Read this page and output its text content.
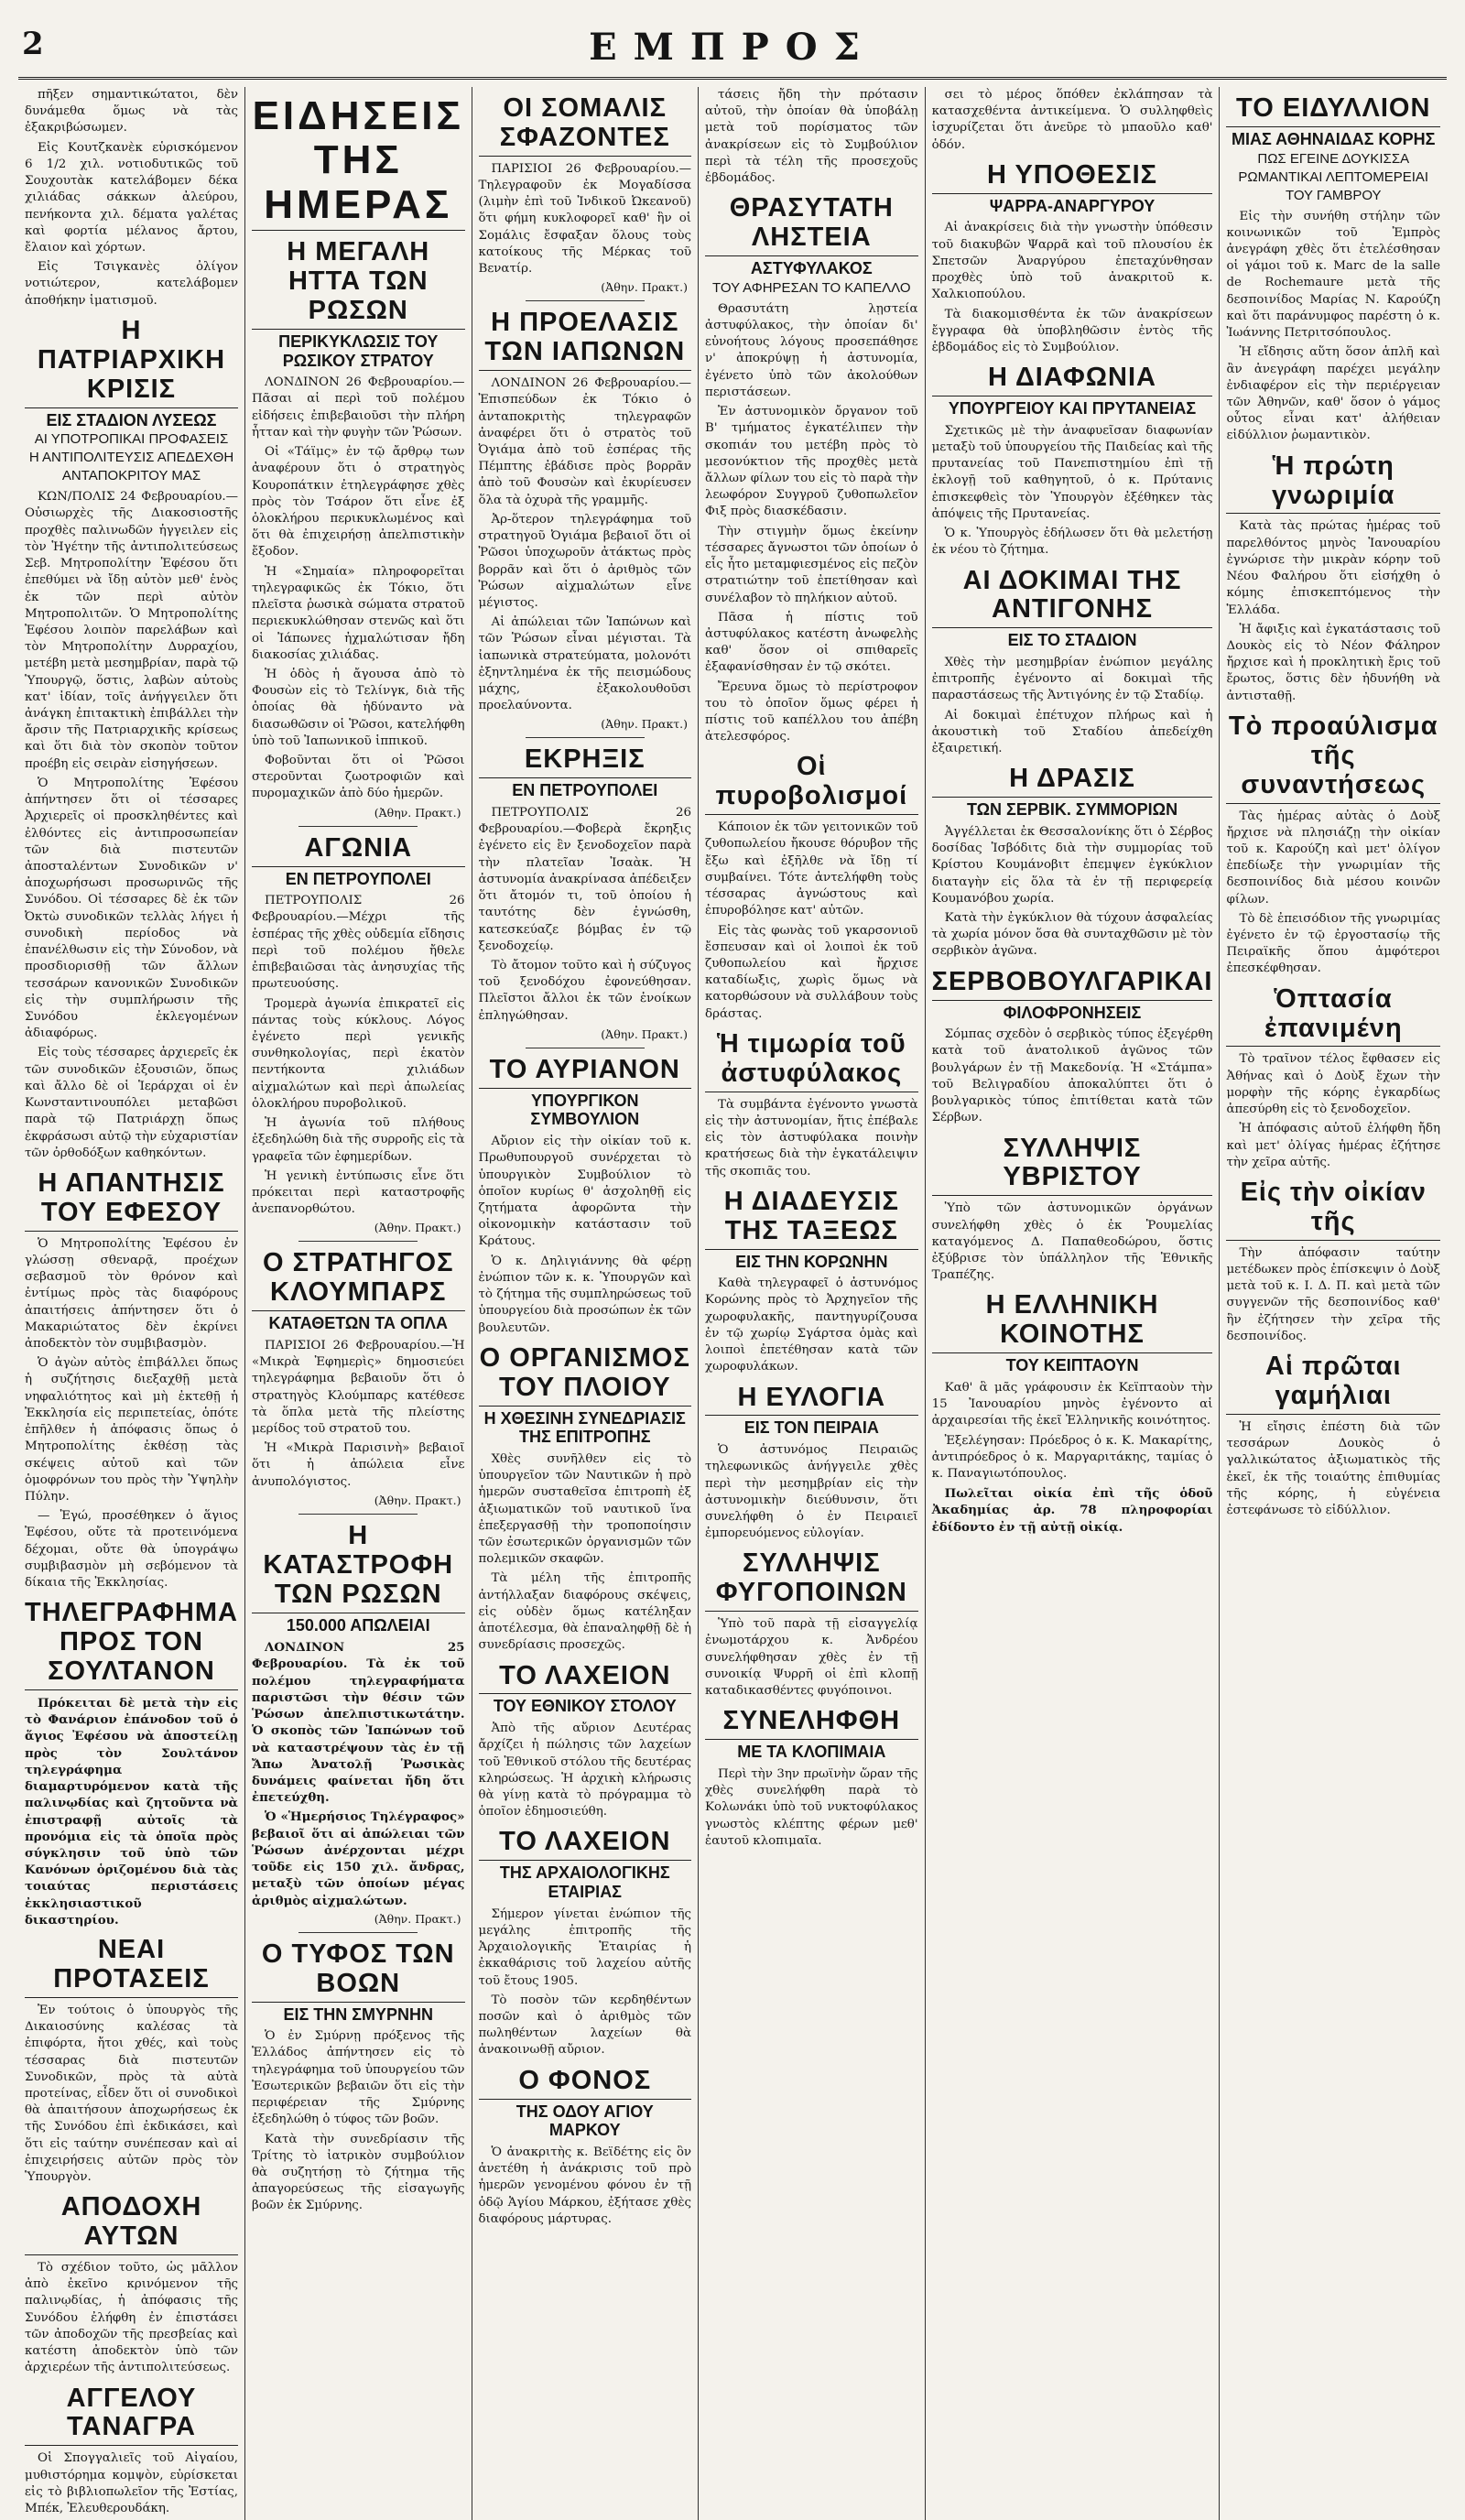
2	ΕΜΠΡΟΣ

πῆξεν σημαντικώτατοι, δὲν δυνάμεθα ὅμως νὰ τὰς ἐξακριβώσωμεν.

Εἰς Κουτζκανὲκ εὑρισκόμενον 6 1/2 χιλ. νοτιοδυτικῶς τοῦ Σουχουτὰκ κατελάβομεν δέκα χιλιάδας σάκκων ἀλεύρου, πενήκοντα χιλ. δέματα γαλέτας καὶ φορτία μέλανος ἄρτου, ἔλαιον καὶ χόρτων.

Εἰς Τσιγκανὲς ὀλίγον νοτιώτερον, κατελάβομεν ἀποθήκην ἱματισμοῦ.

Η ΠΑΤΡΙΑΡΧΙΚΗ ΚΡΙΣΙΣ
ΕΙΣ ΣΤΑΔΙΟΝ ΛΥΣΕΩΣ
ΑΙ ΥΠΟΤΡΟΠΙΚΑΙ ΠΡΟΦΑΣΕΙΣ
Η ΑΝΤΙΠΟΛΙΤΕΥΣΙΣ ΑΠΕΔΕΧΘΗ
ΑΝΤΑΠΟΚΡΙΤΟΥ ΜΑΣ

ΚΩΝ/ΠΟΛΙΣ 24 Φεβρουαρίου.—Οὐσιωρχὲς τῆς Διακοσιοστῆς προχθὲς παλινωδῶν ἡγγειλεν εἰς τὸν Ἡγέτην τῆς ἀντιπολιτεύσεως Σεβ. Μητροπολίτην Ἐφέσου ὅτι ἐπεθύμει νὰ ἴδῃ αὐτὸν μεθ' ἑνὸς ἐκ τῶν περὶ αὐτὸν Μητροπολιτῶν. Ὁ Μητροπολίτης Ἐφέσου λοιπὸν παρελάβων καὶ τὸν Μητροπολίτην Δυρραχίου, μετέβη μετὰ μεσημβρίαν, παρὰ τῷ Ὑπουργῷ, ὅστις, λαβὼν αὐτοὺς κατ' ἰδίαν, τοῖς ἀνήγγειλεν ὅτι ἀνάγκη ἐπιτακτικὴ ἐπιβάλλει τὴν ἄρσιν τῆς Πατριαρχικῆς κρίσεως καὶ ὅτι διὰ τὸν σκοπὸν τοῦτον προέβη εἰς σειρὰν εἰσηγήσεων.

Ὁ Μητροπολίτης Ἐφέσου ἀπήντησεν ὅτι οἱ τέσσαρες Ἀρχιερεῖς οἱ προσκληθέντες καὶ ἐλθόντες εἰς ἀντιπροσωπείαν τῶν διὰ πιστευτῶν ἀποσταλέντων Συνοδικῶν ν' ἀποχωρήσωσι προσωρινῶς τῆς Συνόδου. Οἱ τέσσαρες δὲ ἐκ τῶν Ὀκτὼ συνοδικῶν τελλὰς λήγει ἡ συνοδικὴ περίοδος νὰ ἐπανέλθωσιν εἰς τὴν Σύνοδον, νὰ προσδιορισθῇ τῶν ἄλλων τεσσάρων κανονικῶν Συνοδικῶν εἰς τὴν συμπλήρωσιν τῆς Συνόδου ἐκλεγομένων ἀδιαφόρως.

Εἰς τοὺς τέσσαρες ἀρχιερεῖς ἐκ τῶν συνοδικῶν ἐξουσιῶν, ὅπως καὶ ἄλλο δὲ οἱ Ἱεράρχαι οἱ ἐν Κωνσταντινουπόλει μεταβῶσι παρὰ τῷ Πατριάρχῃ ὅπως ἐκφράσωσι αὐτῷ τὴν εὐχαριστίαν τῶν ὀρθοδόξων καθηκόντων.

Η ΑΠΑΝΤΗΣΙΣ ΤΟΥ ΕΦΕΣΟΥ

Ὁ Μητροπολίτης Ἐφέσου ἐν γλώσσῃ σθεναρᾷ, προέχων σεβασμοῦ τὸν θρόνον καὶ ἐντίμως πρὸς τὰς διαφόρους ἀπαιτήσεις ἀπήντησεν ὅτι ὁ Μακαριώτατος δὲν ἐκρίνει ἀποδεκτὸν τὸν συμβιβασμὸν.

Ὁ ἀγὼν αὐτὸς ἐπιβάλλει ὅπως ἡ συζήτησις διεξαχθῇ μετὰ νηφαλιότητος καὶ μὴ ἐκτεθῇ ἡ Ἐκκλησία εἰς περιπετείας, ὁπότε ἐπῆλθεν ἡ ἀπόφασις ὅπως ὁ Μητροπολίτης ἐκθέσῃ τὰς σκέψεις αὐτοῦ καὶ τῶν ὁμοφρόνων του πρὸς τὴν Ὑψηλὴν Πύλην.

— Ἐγώ, προσέθηκεν ὁ ἅγιος Ἐφέσου, οὔτε τὰ προτεινόμενα δέχομαι, οὔτε θὰ ὑπογράψω συμβιβασμὸν μὴ σεβόμενον τὰ δίκαια τῆς Ἐκκλησίας.

ΤΗΛΕΓΡΑΦΗΜΑ ΠΡΟΣ ΤΟΝ ΣΟΥΛΤΑΝΟΝ

Πρόκειται δὲ μετὰ τὴν εἰς τὸ Φανάριον ἐπάνοδον τοῦ ὁ ἅγιος Ἐφέσου νὰ ἀποστείλῃ πρὸς τὸν Σουλτάνον τηλεγράφημα διαμαρτυρόμενον κατὰ τῆς παλινῳδίας καὶ ζητοῦντα νὰ ἐπιστραφῇ αὐτοῖς τὰ προνόμια εἰς τὰ ὁποῖα πρὸς σύγκλησιν τοῦ ὑπὸ τῶν Κανόνων ὁριζομένου διὰ τὰς τοιαύτας περιστάσεις ἐκκλησιαστικοῦ δικαστηρίου.

ΝΕΑΙ ΠΡΟΤΑΣΕΙΣ

Ἐν τούτοις ὁ ὑπουργὸς τῆς Δικαιοσύνης καλέσας τὰ ἐπιφόρτα, ἤτοι χθές, καὶ τοὺς τέσσαρας διὰ πιστευτῶν Συνοδικῶν, πρὸς τὰ αὐτὰ προτείνας, εἶδεν ὅτι οἱ συνοδικοὶ θὰ ἀπαιτήσουν ἀποχωρήσεως ἐκ τῆς Συνόδου ἐπὶ ἐκδικάσει, καὶ ὅτι εἰς ταύτην συνέπεσαν καὶ αἱ ἐπιχειρήσεις αὐτῶν πρὸς τὸν Ὑπουργὸν.

ΑΠΟΔΟΧΗ ΑΥΤΩΝ

Τὸ σχέδιον τοῦτο, ὡς μᾶλλον ἀπὸ ἐκεῖνο κρινόμενον τῆς παλινῳδίας, ἡ ἀπόφασις τῆς Συνόδου ἐλήφθη ἐν ἐπιστάσει τῶν ἀποδοχῶν τῆς πρεσβείας καὶ κατέστη ἀποδεκτὸν ὑπὸ τῶν ἀρχιερέων τῆς ἀντιπολιτεύσεως.

ΑΓΓΕΛΟΥ ΤΑΝΑΓΡΑ

Οἱ Σπογγαλιεῖς τοῦ Αἰγαίου, μυθιστόρημα κομψὸν, εὑρίσκεται εἰς τὸ βιβλιοπωλεῖον τῆς Ἑστίας, Μπέκ, Ἐλευθερουδάκη.

ΕΙΔΗΣΕΙΣ ΤΗΣ ΗΜΕΡΑΣ
Η ΜΕΓΑΛΗ ΗΤΤΑ ΤΩΝ ΡΩΣΩΝ
ΠΕΡΙΚΥΚΛΩΣΙΣ ΤΟΥ ΡΩΣΙΚΟΥ ΣΤΡΑΤΟΥ

ΛΟΝΔΙΝΟΝ 26 Φεβρουαρίου.—Πᾶσαι αἱ περὶ τοῦ πολέμου εἰδήσεις ἐπιβεβαιοῦσι τὴν πλήρη ἧτταν καὶ τὴν φυγὴν τῶν Ῥώσων.

Οἱ «Τάϊμς» ἐν τῷ ἄρθρῳ των ἀναφέρουν ὅτι ὁ στρατηγὸς Κουροπάτκιν ἐτηλεγράφησε χθὲς πρὸς τὸν Τσάρον ὅτι εἶνε ἐξ ὁλοκλήρου περικυκλωμένος καὶ ὅτι θὰ ἐπιχειρήσῃ ἀπελπιστικὴν ἔξοδον.

Ἡ «Σημαία» πληροφορεῖται τηλεγραφικῶς ἐκ Τόκιο, ὅτι πλεῖστα ῥωσικὰ σώματα στρατοῦ περιεκυκλώθησαν στενῶς καὶ ὅτι οἱ Ἰάπωνες ἠχμαλώτισαν ἤδη διακοσίας χιλιάδας.

Ἡ ὁδὸς ἡ ἄγουσα ἀπὸ τὸ Φουσὼν εἰς τὸ Τελίνγκ, διὰ τῆς ὁποίας θὰ ἠδύναντο νὰ διασωθῶσιν οἱ Ῥῶσοι, κατελήφθη ὑπὸ τοῦ Ἰαπωνικοῦ ἱππικοῦ.

Φοβοῦνται ὅτι οἱ Ῥῶσοι στεροῦνται ζωοτροφιῶν καὶ πυρομαχικῶν ἀπὸ δύο ἡμερῶν.

(Ἀθην. Πρακτ.)
ΑΓΩΝΙΑ
ΕΝ ΠΕΤΡΟΥΠΟΛΕΙ

ΠΕΤΡΟΥΠΟΛΙΣ 26 Φεβρουαρίου.—Μέχρι τῆς ἑσπέρας τῆς χθὲς οὐδεμία εἴδησις περὶ τοῦ πολέμου ἤθελε ἐπιβεβαιῶσαι τὰς ἀνησυχίας τῆς πρωτευούσης.

Τρομερὰ ἀγωνία ἐπικρατεῖ εἰς πάντας τοὺς κύκλους. Λόγος ἐγένετο περὶ γενικῆς συνθηκολογίας, περὶ ἑκατὸν πεντήκοντα χιλιάδων αἰχμαλώτων καὶ περὶ ἀπωλείας ὁλοκλήρου πυροβολικοῦ.

Ἡ ἀγωνία τοῦ πλήθους ἐξεδηλώθη διὰ τῆς συρροῆς εἰς τὰ γραφεῖα τῶν ἐφημερίδων.

Ἡ γενικὴ ἐντύπωσις εἶνε ὅτι πρόκειται περὶ καταστροφῆς ἀνεπανορθώτου.

(Ἀθην. Πρακτ.)
Ο ΣΤΡΑΤΗΓΟΣ ΚΛΟΥΜΠΑΡΣ
ΚΑΤΑΘΕΤΩΝ ΤΑ ΟΠΛΑ

ΠΑΡΙΣΙΟΙ 26 Φεβρουαρίου.—Ἡ «Μικρὰ Ἐφημερὶς» δημοσιεύει τηλεγράφημα βεβαιοῦν ὅτι ὁ στρατηγὸς Κλούμπαρς κατέθεσε τὰ ὅπλα μετὰ τῆς πλείστης μερίδος τοῦ στρατοῦ του.

Ἡ «Μικρὰ Παρισινὴ» βεβαιοῖ ὅτι ἡ ἀπώλεια εἶνε ἀνυπολόγιστος.

(Ἀθην. Πρακτ.)
Η ΚΑΤΑΣΤΡΟΦΗ ΤΩΝ ΡΩΣΩΝ
150.000 ΑΠΩΛΕΙΑΙ

ΛΟΝΔΙΝΟΝ 25 Φεβρουαρίου. Τὰ ἐκ τοῦ πολέμου τηλεγραφήματα παριστῶσι τὴν θέσιν τῶν Ῥώσων ἀπελπιστικωτάτην. Ὁ σκοπὸς τῶν Ἰαπώνων τοῦ νὰ καταστρέψουν τὰς ἐν τῇ Ἄπω Ἀνατολῇ Ῥωσικὰς δυνάμεις φαίνεται ἤδη ὅτι ἐπετεύχθη.

Ὁ «Ἡμερήσιος Τηλέγραφος» βεβαιοῖ ὅτι αἱ ἀπώλειαι τῶν Ῥώσων ἀνέρχονται μέχρι τοῦδε εἰς 150 χιλ. ἄνδρας, μεταξὺ τῶν ὁποίων μέγας ἀριθμὸς αἰχμαλώτων.

(Ἀθην. Πρακτ.)
Ο ΤΥΦΟΣ ΤΩΝ ΒΟΩΝ
ΕΙΣ ΤΗΝ ΣΜΥΡΝΗΝ

Ὁ ἐν Σμύρνῃ πρόξενος τῆς Ἑλλάδος ἀπήντησεν εἰς τὸ τηλεγράφημα τοῦ ὑπουργείου τῶν Ἐσωτερικῶν βεβαιῶν ὅτι εἰς τὴν περιφέρειαν τῆς Σμύρνης ἐξεδηλώθη ὁ τύφος τῶν βοῶν.

Κατὰ τὴν συνεδρίασιν τῆς Τρίτης τὸ ἰατρικὸν συμβούλιον θὰ συζητήσῃ τὸ ζήτημα τῆς ἀπαγορεύσεως τῆς εἰσαγωγῆς βοῶν ἐκ Σμύρνης.

ΟΙ ΣΟΜΑΛΙΣ ΣΦΑΖΟΝΤΕΣ

ΠΑΡΙΣΙΟΙ 26 Φεβρουαρίου.—Τηλεγραφοῦν ἐκ Μογαδίσσα (λιμὴν ἐπὶ τοῦ Ἰνδικοῦ Ὠκεανοῦ) ὅτι φήμη κυκλοφορεῖ καθ' ἣν οἱ Σομάλις ἔσφαξαν ὅλους τοὺς κατοίκους τῆς Μέρκας τοῦ Βενατίρ.

(Ἀθην. Πρακτ.)
Η ΠΡΟΕΛΑΣΙΣ ΤΩΝ ΙΑΠΩΝΩΝ

ΛΟΝΔΙΝΟΝ 26 Φεβρουαρίου.—Ἐπισπεύδων ἐκ Τόκιο ὁ ἀνταποκριτὴς τηλεγραφῶν ἀναφέρει ὅτι ὁ στρατὸς τοῦ Ὀγιάμα ἀπὸ τοῦ ἑσπέρας τῆς Πέμπτης ἐβάδισε πρὸς βορρᾶν ἀπὸ τοῦ Φουσὼν καὶ ἐκυρίευσεν ὅλα τὰ ὀχυρὰ τῆς γραμμῆς.

Ἀρ-ὅτερον τηλεγράφημα τοῦ στρατηγοῦ Ὀγιάμα βεβαιοῖ ὅτι οἱ Ῥῶσοι ὑποχωροῦν ἀτάκτως πρὸς βορρᾶν καὶ ὅτι ὁ ἀριθμὸς τῶν Ῥώσων αἰχμαλώτων εἶνε μέγιστος.

Αἱ ἀπώλειαι τῶν Ἰαπώνων καὶ τῶν Ῥώσων εἶναι μέγισται. Τὰ ἰαπωνικὰ στρατεύματα, μολονότι ἐξηντλημένα ἐκ τῆς πεισμώδους μάχης, ἐξακολουθοῦσι προελαύνοντα.

(Ἀθην. Πρακτ.)
ΕΚΡΗΞΙΣ
ΕΝ ΠΕΤΡΟΥΠΟΛΕΙ

ΠΕΤΡΟΥΠΟΛΙΣ 26 Φεβρουαρίου.—Φοβερὰ ἔκρηξις ἐγένετο εἰς ἓν ξενοδοχεῖον παρὰ τὴν πλατεῖαν Ἰσαὰκ. Ἡ ἀστυνομία ἀνακρίνασα ἀπέδειξεν ὅτι ἄτομόν τι, τοῦ ὁποίου ἡ ταυτότης δὲν ἐγνώσθη, κατεσκεύαζε βόμβας ἐν τῷ ξενοδοχείῳ.

Τὸ ἄτομον τοῦτο καὶ ἡ σύζυγος τοῦ ξενοδόχου ἐφονεύθησαν. Πλεῖστοι ἄλλοι ἐκ τῶν ἐνοίκων ἐπληγώθησαν.

(Ἀθην. Πρακτ.)
ΤΟ ΑΥΡΙΑΝΟΝ
ΥΠΟΥΡΓΙΚΟΝ ΣΥΜΒΟΥΛΙΟΝ

Αὔριον εἰς τὴν οἰκίαν τοῦ κ. Πρωθυπουργοῦ συνέρχεται τὸ ὑπουργικὸν Συμβούλιον τὸ ὁποῖον κυρίως θ' ἀσχοληθῇ εἰς ζητήματα ἀφορῶντα τὴν οἰκονομικὴν κατάστασιν τοῦ Κράτους.

Ὁ κ. Δηλιγιάννης θὰ φέρῃ ἐνώπιον τῶν κ. κ. Ὑπουργῶν καὶ τὸ ζήτημα τῆς συμπληρώσεως τοῦ ὑπουργείου διὰ προσώπων ἐκ τῶν βουλευτῶν.

Ο ΟΡΓΑΝΙΣΜΟΣ ΤΟΥ ΠΛΟΙΟΥ
Η ΧΘΕΣΙΝΗ ΣΥΝΕΔΡΙΑΣΙΣ ΤΗΣ ΕΠΙΤΡΟΠΗΣ

Χθὲς συνῆλθεν εἰς τὸ ὑπουργεῖον τῶν Ναυτικῶν ἡ πρὸ ἡμερῶν συσταθεῖσα ἐπιτροπὴ ἐξ ἀξιωματικῶν τοῦ ναυτικοῦ ἵνα ἐπεξεργασθῇ τὴν τροποποίησιν τῶν ἐσωτερικῶν ὀργανισμῶν τῶν πολεμικῶν σκαφῶν.

Τὰ μέλη τῆς ἐπιτροπῆς ἀντήλλαξαν διαφόρους σκέψεις, εἰς οὐδὲν ὅμως κατέληξαν ἀποτέλεσμα, θὰ ἐπαναληφθῇ δὲ ἡ συνεδρίασις προσεχῶς.

ΤΟ ΛΑΧΕΙΟΝ
ΤΟΥ ΕΘΝΙΚΟΥ ΣΤΟΛΟΥ

Ἀπὸ τῆς αὔριον Δευτέρας ἄρχίζει ἡ πώλησις τῶν λαχείων τοῦ Ἐθνικοῦ στόλου τῆς δευτέρας κληρώσεως. Ἡ ἀρχικὴ κλήρωσις θὰ γίνῃ κατὰ τὸ πρόγραμμα τὸ ὁποῖον ἐδημοσιεύθη.

ΤΟ ΛΑΧΕΙΟΝ
ΤΗΣ ΑΡΧΑΙΟΛΟΓΙΚΗΣ ΕΤΑΙΡΙΑΣ

Σήμερον γίνεται ἐνώπιον τῆς μεγάλης ἐπιτροπῆς τῆς Ἀρχαιολογικῆς Ἑταιρίας ἡ ἐκκαθάρισις τοῦ λαχείου αὐτῆς τοῦ ἔτους 1905.

Τὸ ποσὸν τῶν κερδηθέντων ποσῶν καὶ ὁ ἀριθμὸς τῶν πωληθέντων λαχείων θὰ ἀνακοινωθῇ αὔριον.

Ο ΦΟΝΟΣ
ΤΗΣ ΟΔΟΥ ΑΓΙΟΥ ΜΑΡΚΟΥ

Ὁ ἀνακριτὴς κ. Βεϊδέτης εἰς ὃν ἀνετέθη ἡ ἀνάκρισις τοῦ πρὸ ἡμερῶν γενομένου φόνου ἐν τῇ ὁδῷ Ἁγίου Μάρκου, ἐξήτασε χθὲς διαφόρους μάρτυρας.

τάσεις ἤδη τὴν πρότασιν αὐτοῦ, τὴν ὁποίαν θὰ ὑποβάλῃ μετὰ τοῦ πορίσματος τῶν ἀνακρίσεων εἰς τὸ Συμβούλιον περὶ τὰ τέλη τῆς προσεχοῦς ἑβδομάδος.

ΘΡΑΣΥΤΑΤΗ ΛΗΣΤΕΙΑ
ΑΣΤΥΦΥΛΑΚΟΣ
ΤΟΥ ΑΦΗΡΕΣΑΝ ΤΟ ΚΑΠΕΛΛΟ

Θρασυτάτη λῃστεία ἀστυφύλακος, τὴν ὁποίαν δι' εὐνοήτους λόγους προσεπάθησε ν' ἀποκρύψῃ ἡ ἀστυνομία, ἐγένετο ὑπὸ τῶν ἀκολούθων περιστάσεων.

Ἐν ἀστυνομικὸν ὄργανον τοῦ Β' τμήματος ἐγκατέλιπεν τὴν σκοπιάν του μετέβη πρὸς τὸ μεσονύκτιον τῆς προχθὲς μετὰ ἄλλων φίλων του εἰς τὸ παρὰ τὴν λεωφόρον Συγγροῦ ζυθοπωλεῖον Φιξ πρὸς διασκέδασιν.

Τὴν στιγμὴν ὅμως ἐκείνην τέσσαρες ἄγνωστοι τῶν ὁποίων ὁ εἷς ἦτο μεταμφιεσμένος εἰς πεζὸν στρατιώτην τοῦ ἐπετίθησαν καὶ συνέλαβον τὸ πηλήκιον αὐτοῦ.

Πᾶσα ἡ πίστις τοῦ ἀστυφύλακος κατέστη ἀνωφελὴς καθ' ὅσον οἱ σπιθαρεῖς ἐξαφανίσθησαν ἐν τῷ σκότει.

Ἔρευνα ὅμως τὸ περίστροφον του τὸ ὁποῖον ὅμως φέρει ἡ πίστις τοῦ καπέλλου του ἀπέβη ἀτελεσφόρος.

Οἱ πυροβολισμοί

Κάποιον ἐκ τῶν γειτονικῶν τοῦ ζυθοπωλείου ἤκουσε θόρυβον τῆς ἔξω καὶ ἐξῆλθε νὰ ἴδῃ τί συμβαίνει. Τότε ἀντελήφθη τοὺς τέσσαρας ἀγνώστους καὶ ἐπυροβόλησε κατ' αὐτῶν.

Εἰς τὰς φωνὰς τοῦ γκαρσονιοῦ ἔσπευσαν καὶ οἱ λοιποὶ ἐκ τοῦ ζυθοπωλείου καὶ ἤρχισε καταδίωξις, χωρὶς ὅμως νὰ κατορθώσουν νὰ συλλάβουν τοὺς δράστας.

Ἡ τιμωρία τοῦ ἀστυφύλακος

Τὰ συμβάντα ἐγένοντο γνωστὰ εἰς τὴν ἀστυνομίαν, ἥτις ἐπέβαλε εἰς τὸν ἀστυφύλακα ποινὴν κρατήσεως διὰ τὴν ἐγκατάλειψιν τῆς σκοπιᾶς του.

Η ΔΙΑΔΕΥΣΙΣ ΤΗΣ ΤΑΞΕΩΣ
ΕΙΣ ΤΗΝ ΚΟΡΩΝΗΝ

Καθὰ τηλεγραφεῖ ὁ ἀστυνόμος Κορώνης πρὸς τὸ Ἀρχηγεῖον τῆς χωροφυλακῆς, παντηγυρίζουσα ἐν τῷ χωρίῳ Σγάρτσα ὁμὰς καὶ λοιποὶ ἐπετέθησαν κατὰ τῶν χωροφυλάκων.

Η ΕΥΛΟΓΙΑ
ΕΙΣ ΤΟΝ ΠΕΙΡΑΙΑ

Ὁ ἀστυνόμος Πειραιῶς τηλεφωνικῶς ἀνήγγειλε χθὲς περὶ τὴν μεσημβρίαν εἰς τὴν ἀστυνομικὴν διεύθυνσιν, ὅτι συνελήφθη ὁ ἐν Πειραιεῖ ἐμπορευόμενος εὐλογίαν.

ΣΥΛΛΗΨΙΣ ΦΥΓΟΠΟΙΝΩΝ

Ὑπὸ τοῦ παρὰ τῇ εἰσαγγελίᾳ ἐνωμοτάρχου κ. Ἀνδρέου συνελήφθησαν χθὲς ἐν τῇ συνοικίᾳ Ψυρρῆ οἱ ἐπὶ κλοπῇ καταδικασθέντες φυγόποινοι.

ΣΥΝΕΛΗΦΘΗ
ΜΕ ΤΑ ΚΛΟΠΙΜΑΙΑ

Περὶ τὴν 3ην πρωϊνὴν ὥραν τῆς χθὲς συνελήφθη παρὰ τὸ Κολωνάκι ὑπὸ τοῦ νυκτοφύλακος γνωστὸς κλέπτης φέρων μεθ' ἑαυτοῦ κλοπιμαῖα.

σει τὸ μέρος ὅπόθεν ἐκλάπησαν τὰ κατασχεθέντα ἀντικείμενα. Ὁ συλληφθεὶς ἰσχυρίζεται ὅτι ἀνεῦρε τὸ μπαοῦλο καθ' ὁδόν.

Η ΥΠΟΘΕΣΙΣ
ΨΑΡΡΑ-ΑΝΑΡΓΥΡΟΥ

Αἱ ἀνακρίσεις διὰ τὴν γνωστὴν ὑπόθεσιν τοῦ διακυβῶν Ψαρρᾶ καὶ τοῦ πλουσίου ἐκ Σπετσῶν Ἀναργύρου ἐπεταχύνθησαν προχθὲς ὑπὸ τοῦ ἀνακριτοῦ κ. Χαλκιοπούλου.

Τὰ διακομισθέντα ἐκ τῶν ἀνακρίσεων ἔγγραφα θὰ ὑποβληθῶσιν ἐντὸς τῆς ἑβδομάδος εἰς τὸ Συμβούλιον.

Η ΔΙΑΦΩΝΙΑ
ΥΠΟΥΡΓΕΙΟΥ ΚΑΙ ΠΡΥΤΑΝΕΙΑΣ

Σχετικῶς μὲ τὴν ἀναφυεῖσαν διαφωνίαν μεταξὺ τοῦ ὑπουργείου τῆς Παιδείας καὶ τῆς πρυτανείας τοῦ Πανεπιστημίου ἐπὶ τῇ ἐκλογῇ τοῦ καθηγητοῦ, ὁ κ. Πρύτανις ἐπισκεφθεὶς τὸν Ὑπουργὸν ἐξέθηκεν τὰς ἀπόψεις τῆς Πρυτανείας.

Ὁ κ. Ὑπουργὸς ἐδήλωσεν ὅτι θὰ μελετήσῃ ἐκ νέου τὸ ζήτημα.

ΑΙ ΔΟΚΙΜΑΙ ΤΗΣ ΑΝΤΙΓΟΝΗΣ
ΕΙΣ ΤΟ ΣΤΑΔΙΟΝ

Χθὲς τὴν μεσημβρίαν ἐνώπιον μεγάλης ἐπιτροπῆς ἐγένοντο αἱ δοκιμαὶ τῆς παραστάσεως τῆς Ἀντιγόνης ἐν τῷ Σταδίῳ.

Αἱ δοκιμαὶ ἐπέτυχον πλήρως καὶ ἡ ἀκουστικὴ τοῦ Σταδίου ἀπεδείχθη ἐξαιρετική.

Η ΔΡΑΣΙΣ
ΤΩΝ ΣΕΡΒΙΚ. ΣΥΜΜΟΡΙΩΝ

Ἀγγέλλεται ἐκ Θεσσαλονίκης ὅτι ὁ Σέρβος δοσίδας Ἰσβόδιτς διὰ τὴν συμμορίας τοῦ Κρίστου Κουμάνοβιτ ἐπεμψεν ἐγκύκλιον διαταγὴν εἰς ὅλα τὰ ἐν τῇ περιφερείᾳ Κουμανόβου χωρία.

Κατὰ τὴν ἐγκύκλιον θὰ τύχουν ἀσφαλείας τὰ χωρία μόνον ὅσα θὰ συνταχθῶσιν μὲ τὸν σερβικὸν ἀγῶνα.

ΣΕΡΒΟΒΟΥΛΓΑΡΙΚΑΙ
ΦΙΛΟΦΡΟΝΗΣΕΙΣ

Σόμπας σχεδὸν ὁ σερβικὸς τύπος ἐξεγέρθη κατὰ τοῦ ἀνατολικοῦ ἀγῶνος τῶν βουλγάρων ἐν τῇ Μακεδονίᾳ. Ἡ «Στάμπα» τοῦ Βελιγραδίου ἀποκαλύπτει ὅτι ὁ βουλγαρικὸς τύπος ἐπιτίθεται κατὰ τῶν Σέρβων.

ΣΥΛΛΗΨΙΣ ΥΒΡΙΣΤΟΥ

Ὑπὸ τῶν ἀστυνομικῶν ὀργάνων συνελήφθη χθὲς ὁ ἐκ Ῥουμελίας καταγόμενος Δ. Παπαθεοδώρου, ὅστις ἐξύβρισε τὸν ὑπάλληλον τῆς Ἐθνικῆς Τραπέζης.

Η ΕΛΛΗΝΙΚΗ ΚΟΙΝΟΤΗΣ
ΤΟΥ ΚΕΙΠΤΑΟΥΝ

Καθ' ἃ μᾶς γράφουσιν ἐκ Κεϊπταοὺν τὴν 15 Ἰανουαρίου μηνὸς ἐγένοντο αἱ ἀρχαιρεσίαι τῆς ἐκεῖ Ἑλληνικῆς κοινότητος.

Ἐξελέγησαν: Πρόεδρος ὁ κ. Κ. Μακαρίτης, ἀντιπρόεδρος ὁ κ. Μαργαριτάκης, ταμίας ὁ κ. Παναγιωτόπουλος.

Πωλεῖται οἰκία ἐπὶ τῆς ὁδοῦ Ἀκαδημίας ἀρ. 78 πληροφορίαι ἐδίδοντο ἐν τῇ αὐτῇ οἰκίᾳ.

ΤΟ ΕΙΔΥΛΛΙΟΝ
ΜΙΑΣ ΑΘΗΝΑΙΔΑΣ ΚΟΡΗΣ
ΠΩΣ ΕΓΕΙΝΕ ΔΟΥΚΙΣΣΑ
ΡΩΜΑΝΤΙΚΑΙ ΛΕΠΤΟΜΕΡΕΙΑΙ
ΤΟΥ ΓΑΜΒΡΟΥ

Εἰς τὴν συνήθη στήλην τῶν κοινωνικῶν τοῦ Ἐμπρὸς ἀνεγράφη χθὲς ὅτι ἐτελέσθησαν οἱ γάμοι τοῦ κ. Marc de la salle de Rochemaure μετὰ τῆς δεσποινίδος Μαρίας Ν. Καρούζη καὶ ὅτι παράνυμφος παρέστη ὁ κ. Ἰωάννης Πετριτσόπουλος.

Ἡ εἴδησις αὕτη ὅσον ἁπλῆ καὶ ἂν ἀνεγράφη παρέχει μεγάλην ἐνδιαφέρον εἰς τὴν περιέργειαν τῶν Ἀθηνῶν, καθ' ὅσον ὁ γάμος οὗτος εἶναι κατ' ἀλήθειαν εἰδύλλιον ῥωμαντικὸν.

Ἡ πρώτη γνωριμία

Κατὰ τὰς πρώτας ἡμέρας τοῦ παρελθόντος μηνὸς Ἰανουαρίου ἐγνώρισε τὴν μικρὰν κόρην τοῦ Νέου Φαλήρου ὅτι εἰσήχθη ὁ κόμης ἐπισκεπτόμενος τὴν Ἑλλάδα.

Ἡ ἄφιξις καὶ ἐγκατάστασις τοῦ Δουκὸς εἰς τὸ Νέον Φάληρον ἤρχισε καὶ ἡ προκλητικὴ ἔρις τοῦ ἔρωτος, ὅστις δὲν ἠδυνήθη νὰ ἀντισταθῇ.

Τὸ προαύλισμα τῆς συναντήσεως

Τὰς ἡμέρας αὐτὰς ὁ Δοὺξ ἤρχισε νὰ πλησιάζῃ τὴν οἰκίαν τοῦ κ. Καρούζη καὶ μετ' ὀλίγον ἐπεδίωξε τὴν γνωριμίαν τῆς δεσποινίδος διὰ μέσου κοινῶν φίλων.

Τὸ δὲ ἐπεισόδιον τῆς γνωριμίας ἐγένετο ἐν τῷ ἐργοστασίῳ τῆς Πειραϊκῆς ὅπου ἀμφότεροι ἐπεσκέφθησαν.

Ὁπτασία ἐπανιμένη

Τὸ τραῖνον τέλος ἔφθασεν εἰς Ἀθήνας καὶ ὁ Δοὺξ ἔχων τὴν μορφὴν τῆς κόρης ἐγκαρδίως ἀπεσύρθη εἰς τὸ ξενοδοχεῖον.

Ἡ ἀπόφασις αὐτοῦ ἐλήφθη ἤδη καὶ μετ' ὀλίγας ἡμέρας ἐζήτησε τὴν χεῖρα αὐτῆς.

Εἰς τὴν οἰκίαν τῆς

Τὴν ἀπόφασιν ταύτην μετέδωκεν πρὸς ἐπίσκεψιν ὁ Δοὺξ μετὰ τοῦ κ. Ι. Δ. Π. καὶ μετὰ τῶν συγγενῶν τῆς δεσποινίδος καθ' ἣν ἐζήτησεν τὴν χεῖρα τῆς δεσποινίδος.

Αἱ πρῶται γαμήλιαι

Ἡ εἴησις ἐπέστη διὰ τῶν τεσσάρων Δουκὸς ὁ γαλλικώτατος ἀξιωματικὸς τῆς ἐκεῖ, ἐκ τῆς τοιαύτης ἐπιθυμίας τῆς κόρης, ἡ εὐγένεια ἐστεφάνωσε τὸ εἰδύλλιον.
